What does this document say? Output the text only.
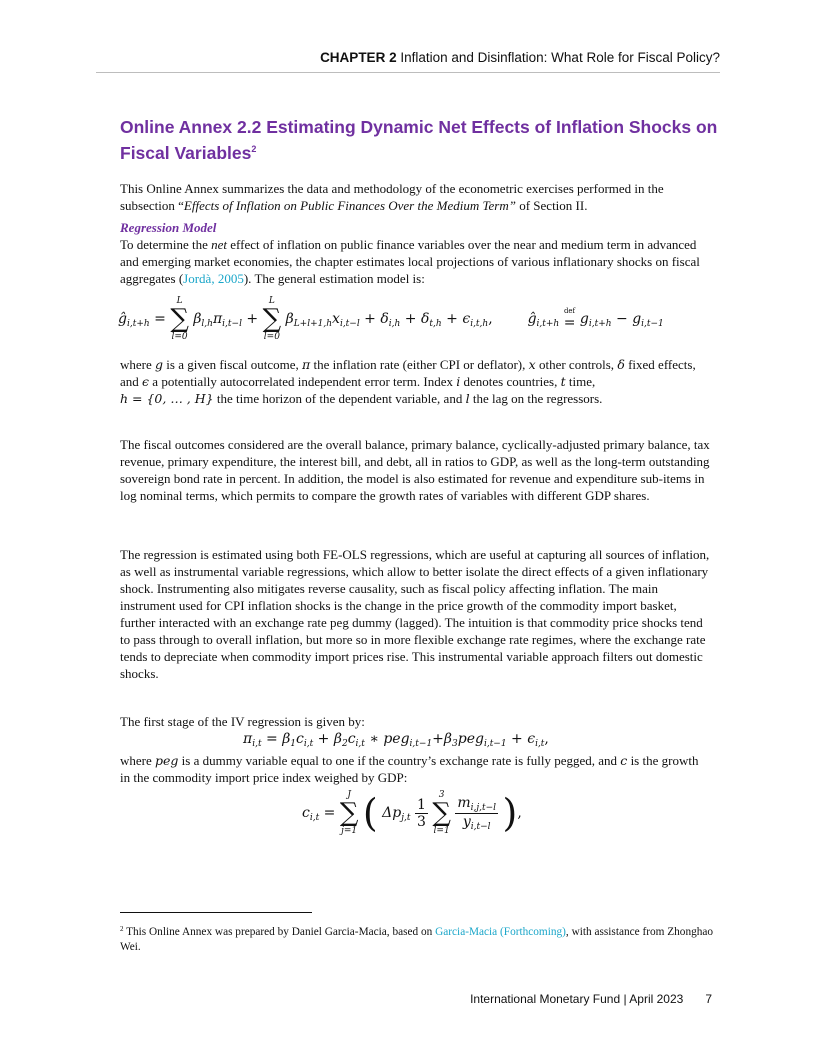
CHAPTER 2 Inflation and Disinflation: What Role for Fiscal Policy?
Online Annex 2.2 Estimating Dynamic Net Effects of Inflation Shocks on Fiscal Variables$^2$

This Online Annex summarizes the data and methodology of the econometric exercises performed in the subsection “Effects of Inflation on Public Finances Over the Medium Term” of Section II.

Regression Model

To determine the net effect of inflation on public finance variables over the near and medium term in advanced and emerging market economies, the chapter estimates local projections of various inflationary shocks on fiscal aggregates (Jordà, 2005). The general estimation model is:

$ĝ_{i,t+h}$ =
L
∑
l=0
$\beta_{l,h}\pi_{i,t-l}$ +
L
∑
l=0
$\beta_{L+l+1,h}x_{i,t-l} + \delta_{i,h} + \delta_{t,h} + \epsilon_{i,t,h}$, $ĝ_{i,t+h}$
def
= $g_{i,t+h} - g_{i,t-1}$

where g is a given fiscal outcome, π the inflation rate (either CPI or deflator), x other controls, δ fixed effects, and ϵ a potentially autocorrelated independent error term. Index i denotes countries, t time,
h = {0, … , H} the time horizon of the dependent variable, and l the lag on the regressors.

The fiscal outcomes considered are the overall balance, primary balance, cyclically-adjusted primary balance, tax revenue, primary expenditure, the interest bill, and debt, all in ratios to GDP, as well as the long-term outstanding sovereign bond rate in percent. In addition, the model is also estimated for revenue and expenditure sub-items in log nominal terms, which permits to compare the growth rates of variables with different GDP shares.

The regression is estimated using both FE-OLS regressions, which are useful at capturing all sources of inflation, as well as instrumental variable regressions, which allow to better isolate the direct effects of a given inflationary shock. Instrumenting also mitigates reverse causality, such as fiscal policy affecting inflation. The main instrument used for CPI inflation shocks is the change in the price growth of the commodity import basket, further interacted with an exchange rate peg dummy (lagged). The intuition is that commodity price shocks tend to pass through to overall inflation, but more so in more flexible exchange rate regimes, where the exchange rate tends to depreciate when commodity import prices rise. This instrumental variable approach filters out domestic shocks.

The first stage of the IV regression is given by:

$\pi_{i,t} = \beta_1c_{i,t} + \beta_2c_{i,t}$ ∗ $peg_{i,t-1}+\beta_3peg_{i,t-1} + \epsilon_{i,t}$,

where peg is a dummy variable equal to one if the country’s exchange rate is fully pegged, and c is the growth in the commodity import price index weighed by GDP:

$c_{i,t}$ =
J
∑
j=1 ( $\Delta p_{j,t} \frac{1}{3}$

3
∑
l=1
$\frac{m_{i,j,t-l}}{y_{i,t-l}}$ ),
$^2$ This Online Annex was prepared by Daniel Garcia-Macia, based on Garcia-Macia (Forthcoming), with assistance from Zhonghao Wei.
International Monetary Fund | April 2023 7
